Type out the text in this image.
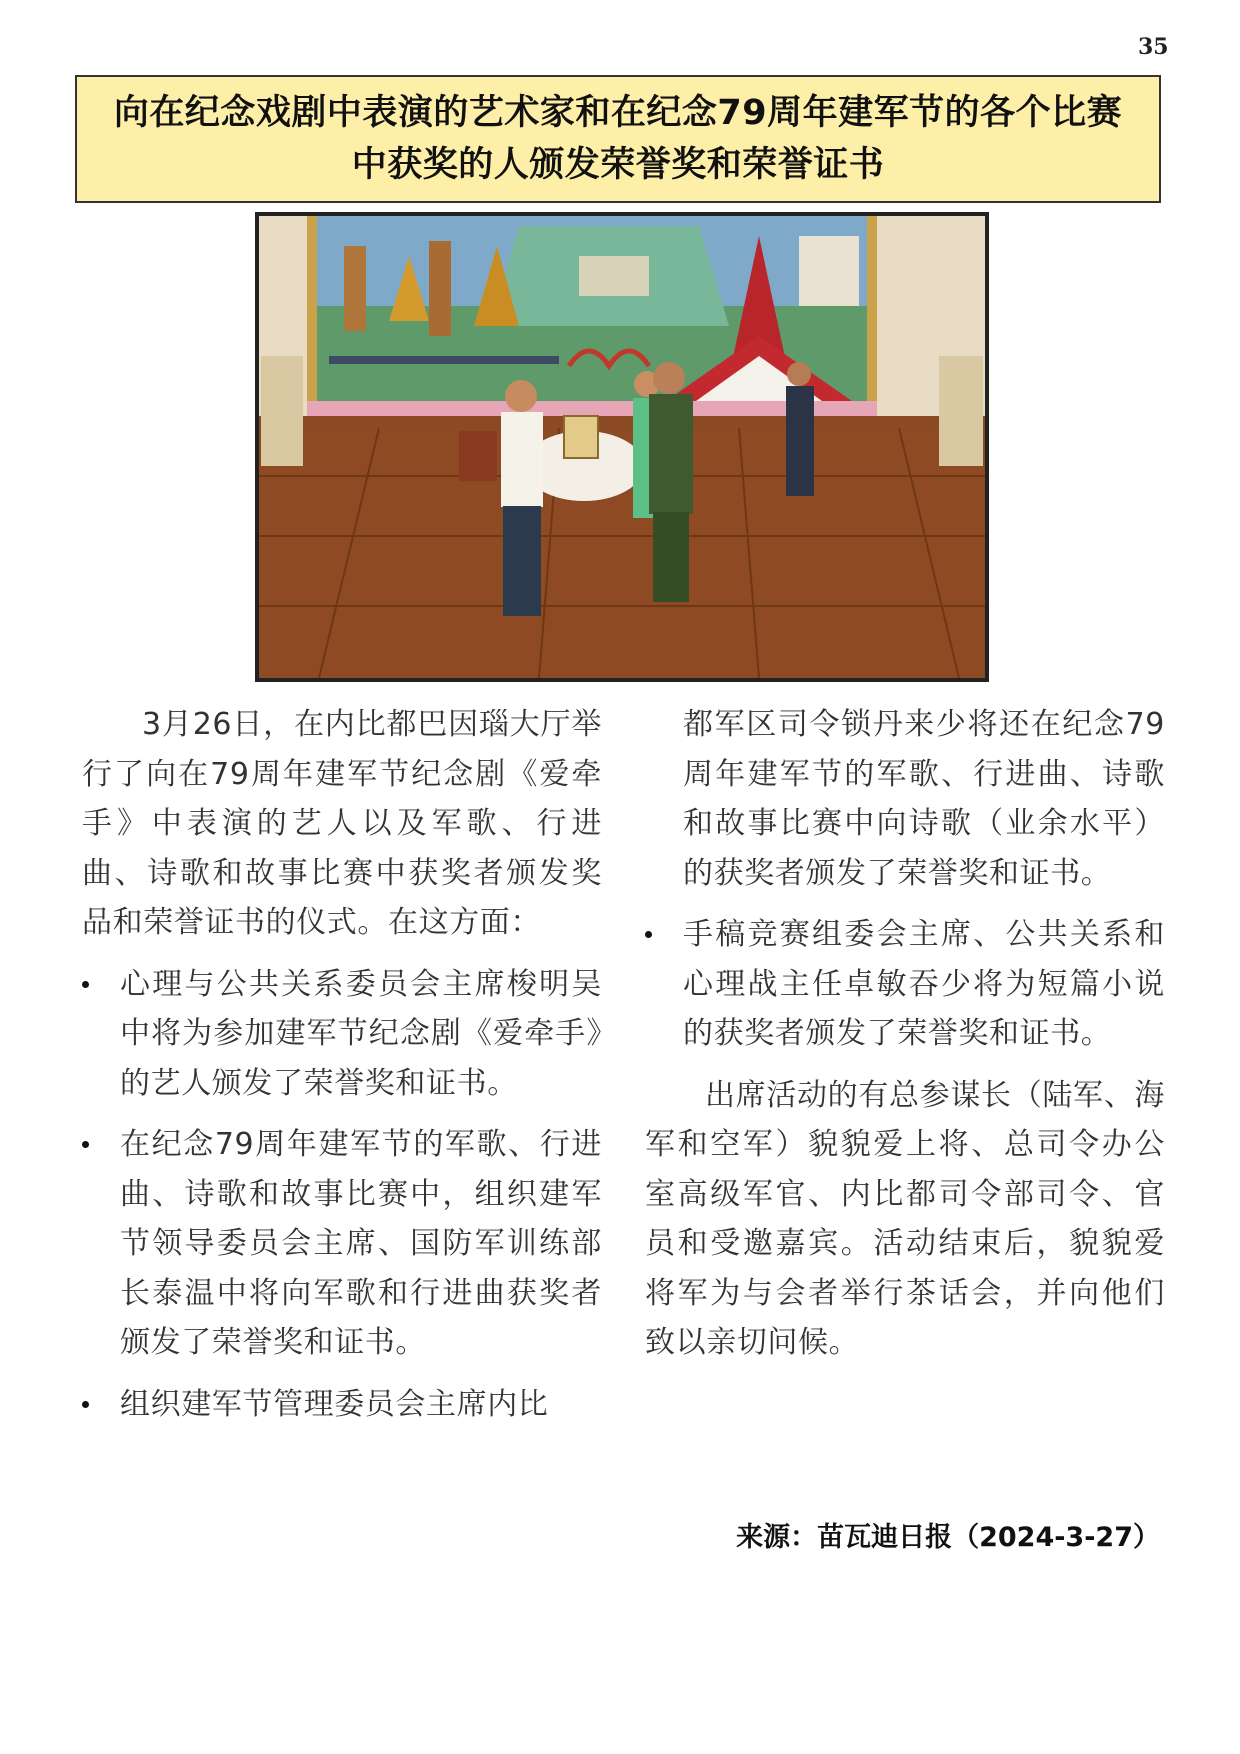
35
向在纪念戏剧中表演的艺术家和在纪念79周年建军节的各个比赛
中获奖的人颁发荣誉奖和荣誉证书

3月26日，在内比都巴因瑙大厅举行了向在79周年建军节纪念剧《爱牵手》中表演的艺人以及军歌、行进曲、诗歌和故事比赛中获奖者颁发奖品和荣誉证书的仪式。在这方面：

心理与公共关系委员会主席梭明吴中将为参加建军节纪念剧《爱牵手》的艺人颁发了荣誉奖和证书。
在纪念79周年建军节的军歌、行进曲、诗歌和故事比赛中，组织建军节领导委员会主席、国防军训练部长泰温中将向军歌和行进曲获奖者颁发了荣誉奖和证书。
组织建军节管理委员会主席内比
都军区司令锁丹来少将还在纪念79周年建军节的军歌、行进曲、诗歌和故事比赛中向诗歌（业余水平）的获奖者颁发了荣誉奖和证书。
手稿竞赛组委会主席、公共关系和心理战主任卓敏吞少将为短篇小说的获奖者颁发了荣誉奖和证书。

出席活动的有总参谋长（陆军、海军和空军）貌貌爱上将、总司令办公室高级军官、内比都司令部司令、官员和受邀嘉宾。活动结束后，貌貌爱将军为与会者举行茶话会，并向他们致以亲切问候。

来源：苗瓦迪日报（2024-3-27）
